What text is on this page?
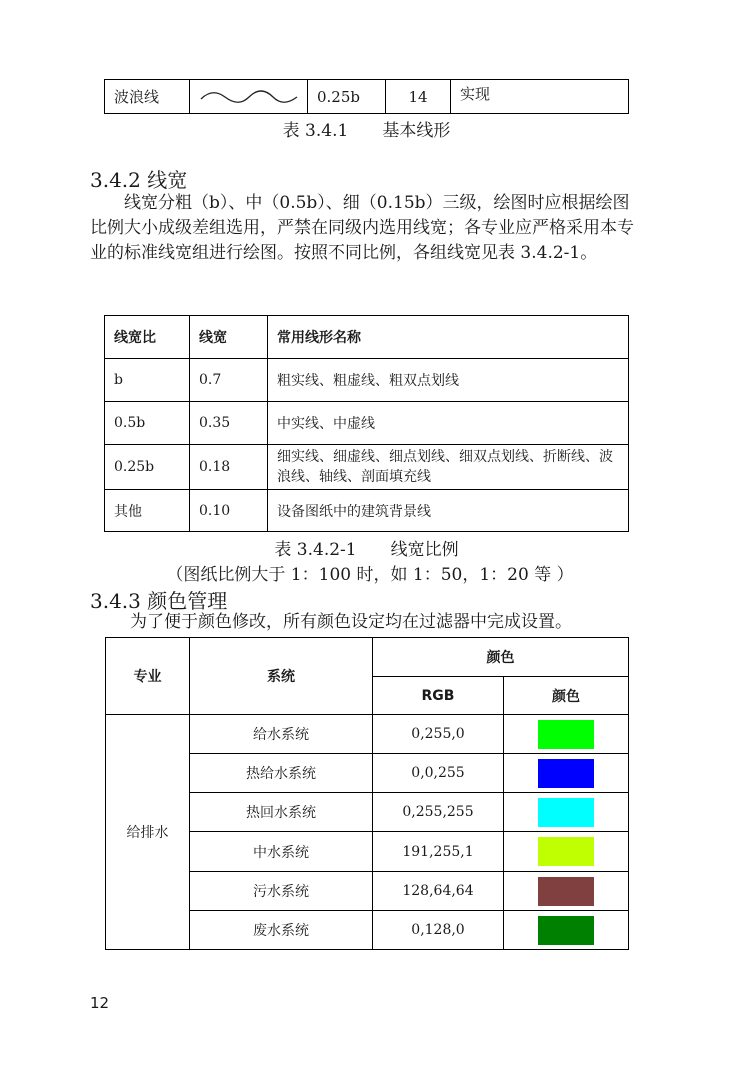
波浪线		0.25b	14	实现
表 3.4.1　　基本线形
3.4.2 线宽
线宽分粗（b）、中（0.5b）、细（0.15b）三级，绘图时应根据绘图比例大小成级差组选用，严禁在同级内选用线宽；各专业应严格采用本专业的标准线宽组进行绘图。按照不同比例，各组线宽见表 3.4.2-1。
线宽比	线宽	常用线形名称
b	0.7	粗实线、粗虚线、粗双点划线
0.5b	0.35	中实线、中虚线
0.25b	0.18	细实线、细虚线、细点划线、细双点划线、折断线、波浪线、轴线、剖面填充线
其他	0.10	设备图纸中的建筑背景线
表 3.4.2-1　　线宽比例
（图纸比例大于 1：100 时，如 1：50，1：20 等 ）
3.4.3 颜色管理
为了便于颜色修改，所有颜色设定均在过滤器中完成设置。
专业	系统	颜色	
		RGB	颜色
给排水	给水系统	0,255,0	
	热给水系统	0,0,255	
	热回水系统	0,255,255	
	中水系统	191,255,1	
	污水系统	128,64,64	
	废水系统	0,128,0	
12
